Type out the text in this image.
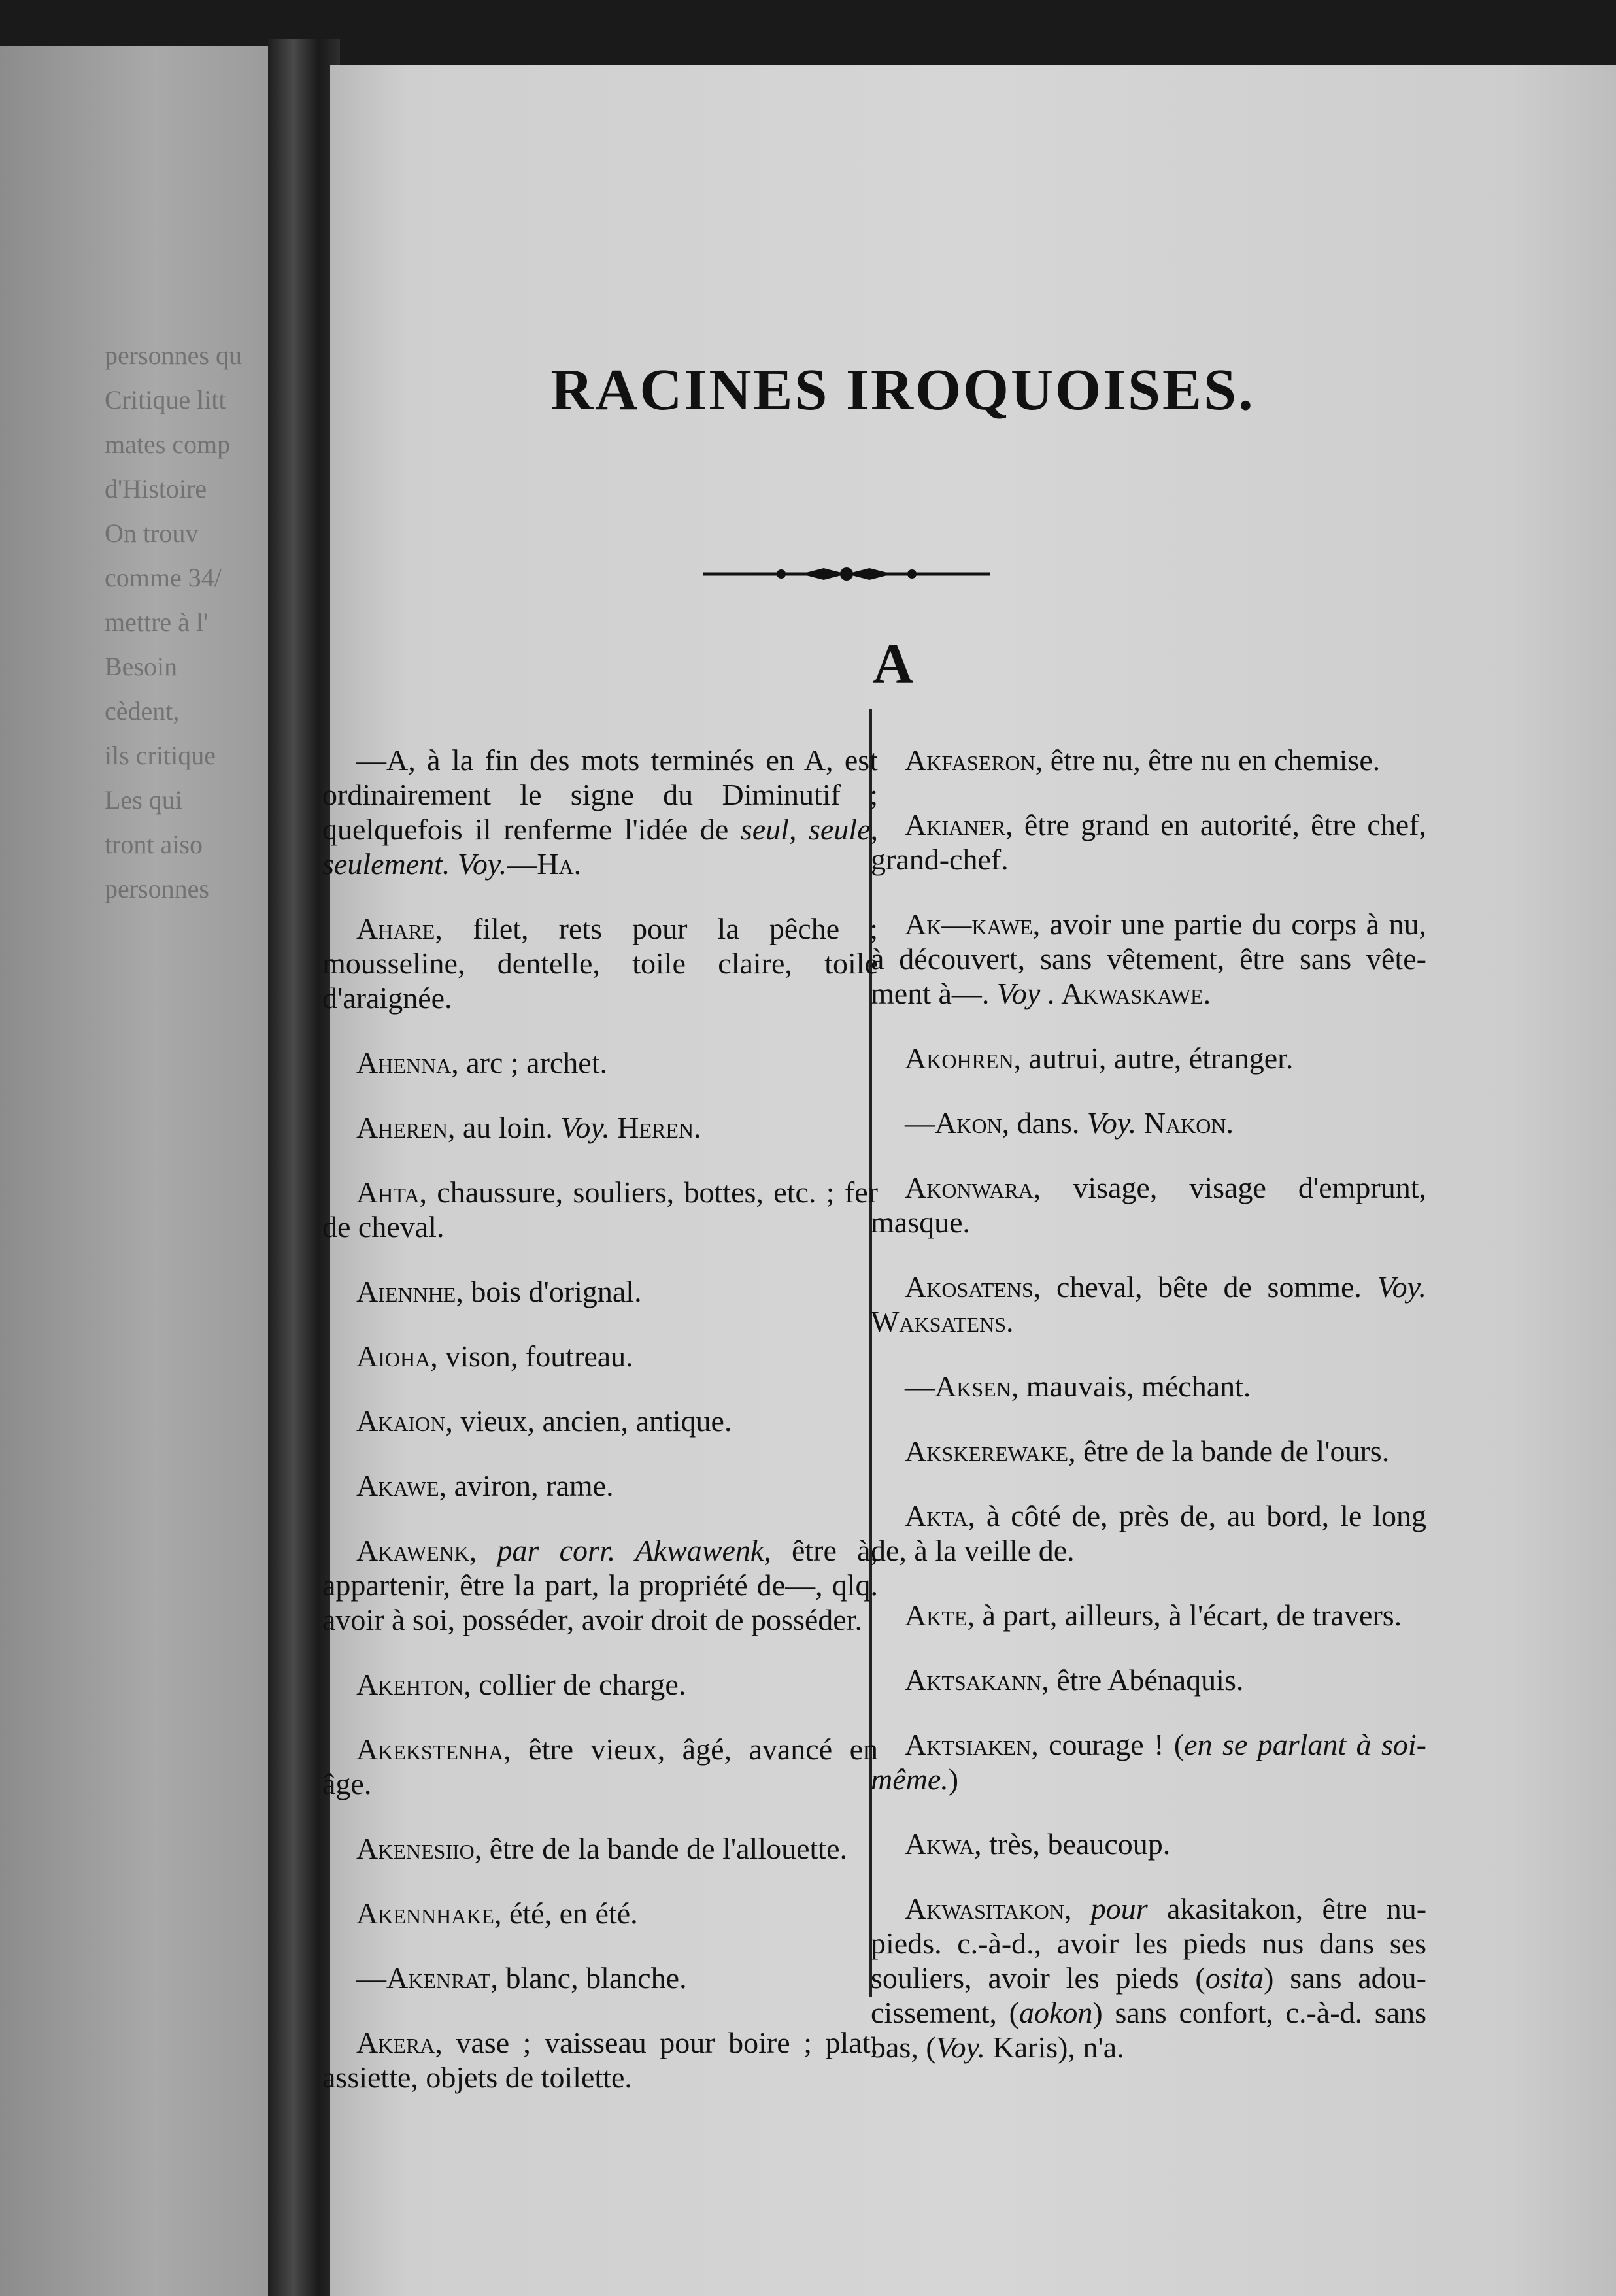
personnes qu
Critique litt
mates comp
d'Histoire
On trouv
comme 34/
mettre à l'
Besoin
cèdent,
ils critique
Les qui
tront aiso
personnes
RACINES IROQUOISES.
A

—A, à la fin des mots terminés en A, est ordinairement le signe du Diminutif ; quelquefois il renferme l'idée de seul, seule, seulement. Voy.—Ha.

Ahare, filet, rets pour la pêche ; mousseline, dentelle, toile claire, toile d'araignée.

Ahenna, arc ; archet.

Aheren, au loin. Voy. Heren.

Ahta, chaussure, souliers, bottes, etc. ; fer de cheval.

Aiennhe, bois d'orignal.

Aioha, vison, foutreau.

Akaion, vieux, ancien, antique.

Akawe, aviron, rame.

Akawenk, par corr. Akwawenk, être à, appartenir, être la part, la propriété de—, qlq. avoir à soi, posséder, avoir droit de posséder.

Akehton, collier de charge.

Akekstenha, être vieux, âgé, avancé en âge.

Akenesiio, être de la bande de l'allouette.

Akennhake, été, en été.

—Akenrat, blanc, blanche.

Akera, vase ; vaisseau pour boire ; plat, assiette, objets de toilette.

Akfaseron, être nu, être nu en chemise.

Akianer, être grand en autorité, être chef, grand-chef.

Ak—kawe, avoir une partie du corps à nu, à découvert, sans vêtement, être sans vêtement à—. Voy . Akwaskawe.

Akohren, autrui, autre, étranger.

—Akon, dans. Voy. Nakon.

Akonwara, visage, visage d'emprunt, masque.

Akosatens, cheval, bête de somme. Voy. Waksatens.

—Aksen, mauvais, méchant.

Akskerewake, être de la bande de l'ours.

Akta, à côté de, près de, au bord, le long de, à la veille de.

Akte, à part, ailleurs, à l'écart, de travers.

Aktsakann, être Abénaquis.

Aktsiaken, courage ! (en se parlant à soi-même.)

Akwa, très, beaucoup.

Akwasitakon, pour akasitakon, être nu-pieds. c.-à-d., avoir les pieds nus dans ses souliers, avoir les pieds (osita) sans adoucissement, (aokon) sans confort, c.-à-d. sans bas, (Voy. Karis), n'a.
